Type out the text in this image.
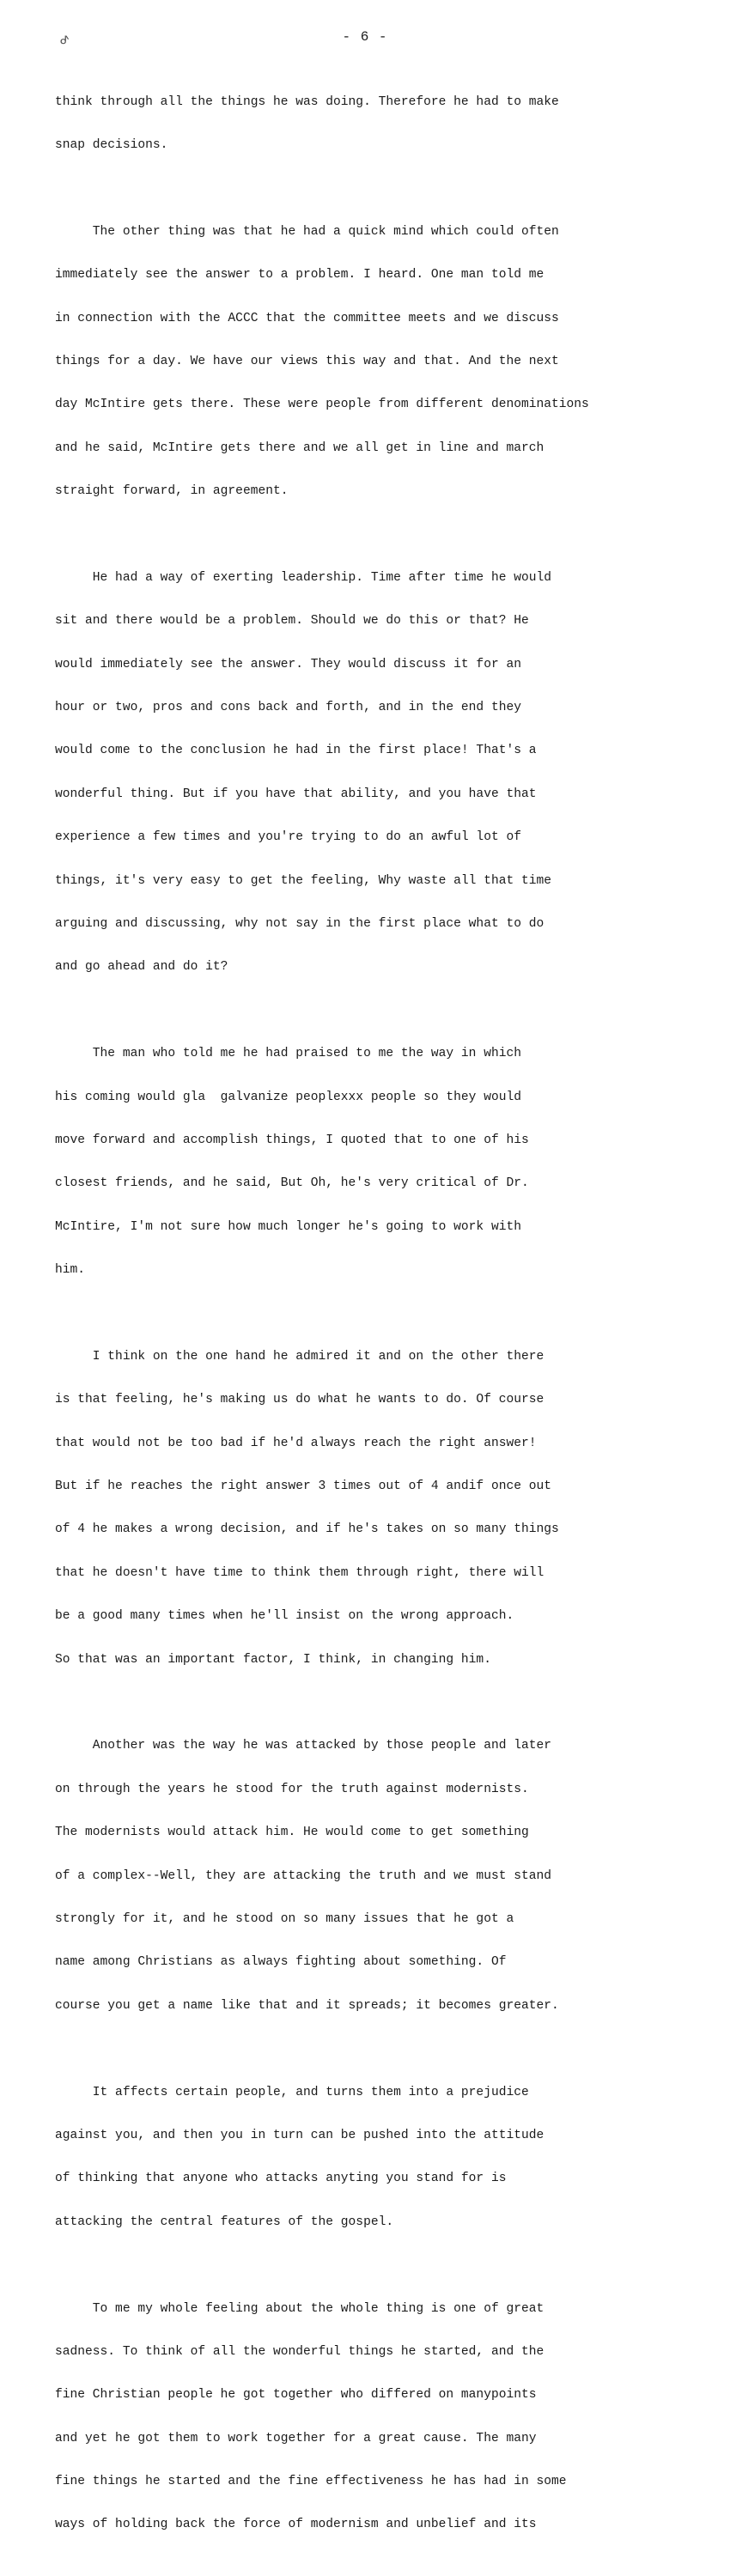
ᕷ	- 6 -

think through all the things he was doing. Therefore he had to make

snap decisions.

The other thing was that he had a quick mind which could often

immediately see the answer to a problem. I heard. One man told me

in connection with the ACCC that the committee meets and we discuss

things for a day. We have our views this way and that. And the next

day McIntire gets there. These were people from different denominations

and he said, McIntire gets there and we all get in line and march

straight forward, in agreement.

He had a way of exerting leadership. Time after time he would

sit and there would be a problem. Should we do this or that? He

would immediately see the answer. They would discuss it for an

hour or two, pros and cons back and forth, and in the end they

would come to the conclusion he had in the first place! That's a

wonderful thing. But if you have that ability, and you have that

experience a few times and you're trying to do an awful lot of

things, it's very easy to get the feeling, Why waste all that time

arguing and discussing, why not say in the first place what to do

and go ahead and do it?

The man who told me he had praised to me the way in which

his coming would gla  galvanize peoplexxx people so they would

move forward and accomplish things, I quoted that to one of his

closest friends, and he said, But Oh, he's very critical of Dr.

McIntire, I'm not sure how much longer he's going to work with

him.

I think on the one hand he admired it and on the other there

is that feeling, he's making us do what he wants to do. Of course

that would not be too bad if he'd always reach the right answer!

But if he reaches the right answer 3 times out of 4 andif once out

of 4 he makes a wrong decision, and if he's takes on so many things

that he doesn't have time to think them through right, there will

be a good many times when he'll insist on the wrong approach.

So that was an important factor, I think, in changing him.

Another was the way he was attacked by those people and later

on through the years he stood for the truth against modernists.

The modernists would attack him. He would come to get something

of a complex--Well, they are attacking the truth and we must stand

strongly for it, and he stood on so many issues that he got a

name among Christians as always fighting about something. Of

course you get a name like that and it spreads; it becomes greater.

It affects certain people, and turns them into a prejudice

against you, and then you in turn can be pushed into the attitude

of thinking that anyone who attacks anyting you stand for is

attacking the central features of the gospel.

To me my whole feeling about the whole thing is one of great

sadness. To think of all the wonderful things he started, and the

fine Christian people he got together who differed on manypoints

and yet he got them to work together for a great cause. The many

fine things he started and the fine effectiveness he has had in some

ways of holding back the force of modernism and unbelief and its
